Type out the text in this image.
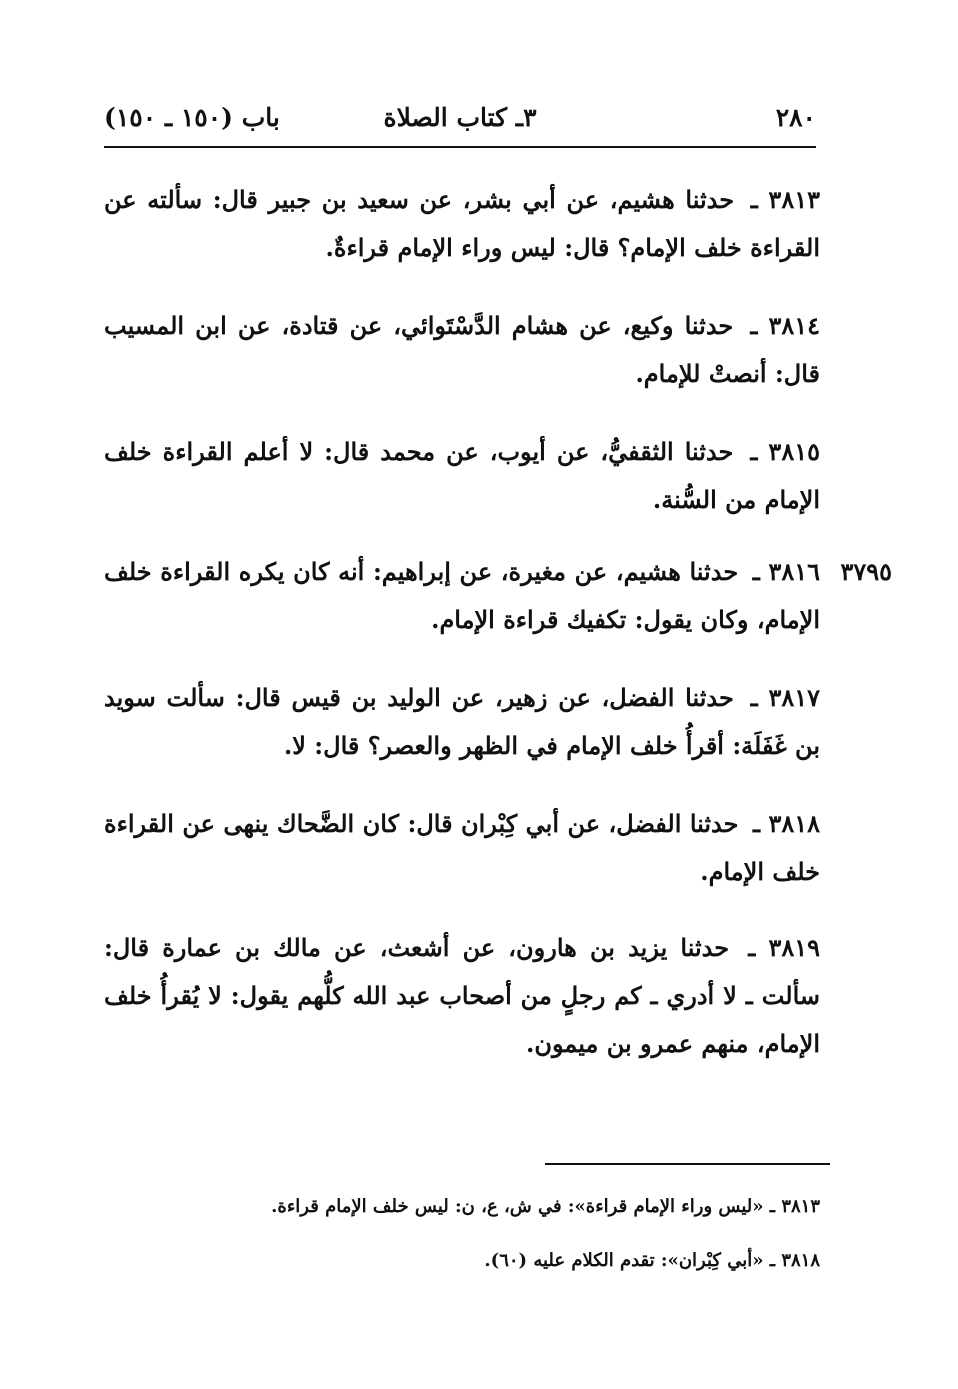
٢٨٠
٣ـ كتاب الصلاة
باب (١٥٠ ـ ١٥٠)
٣٨١٣ ـ حدثنا هشيم، عن أبي بشر، عن سعيد بن جبير قال: سألته عن القراءة خلف الإمام؟ قال: ليس وراء الإمام قراءةٌ.
٣٨١٤ ـ حدثنا وكيع، عن هشام الدَّسْتَوائي، عن قتادة، عن ابن المسيب قال: أنصتْ للإمام.
٣٨١٥ ـ حدثنا الثقفيُّ، عن أيوب، عن محمد قال: لا أعلم القراءة خلف الإمام من السُّنة.
٣٧٩٥
٣٨١٦ ـ حدثنا هشيم، عن مغيرة، عن إبراهيم: أنه كان يكره القراءة خلف الإمام، وكان يقول: تكفيك قراءة الإمام.
٣٨١٧ ـ حدثنا الفضل، عن زهير، عن الوليد بن قيس قال: سألت سويد بن غَفَلَة: أقرأُ خلف الإمام في الظهر والعصر؟ قال: لا.
٣٨١٨ ـ حدثنا الفضل، عن أبي كِبْران قال: كان الضَّحاك ينهى عن القراءة خلف الإمام.
٣٨١٩ ـ حدثنا يزيد بن هارون، عن أشعث، عن مالك بن عمارة قال: سألت ـ لا أدري ـ كم رجلٍ من أصحاب عبد الله كلُّهم يقول: لا يُقرأُ خلف الإمام، منهم عمرو بن ميمون.
٣٨١٣ ـ «ليس وراء الإمام قراءة»: في ش، ع، ن: ليس خلف الإمام قراءة.
٣٨١٨ ـ «أبي كِبْران»: تقدم الكلام عليه (٦٠).
